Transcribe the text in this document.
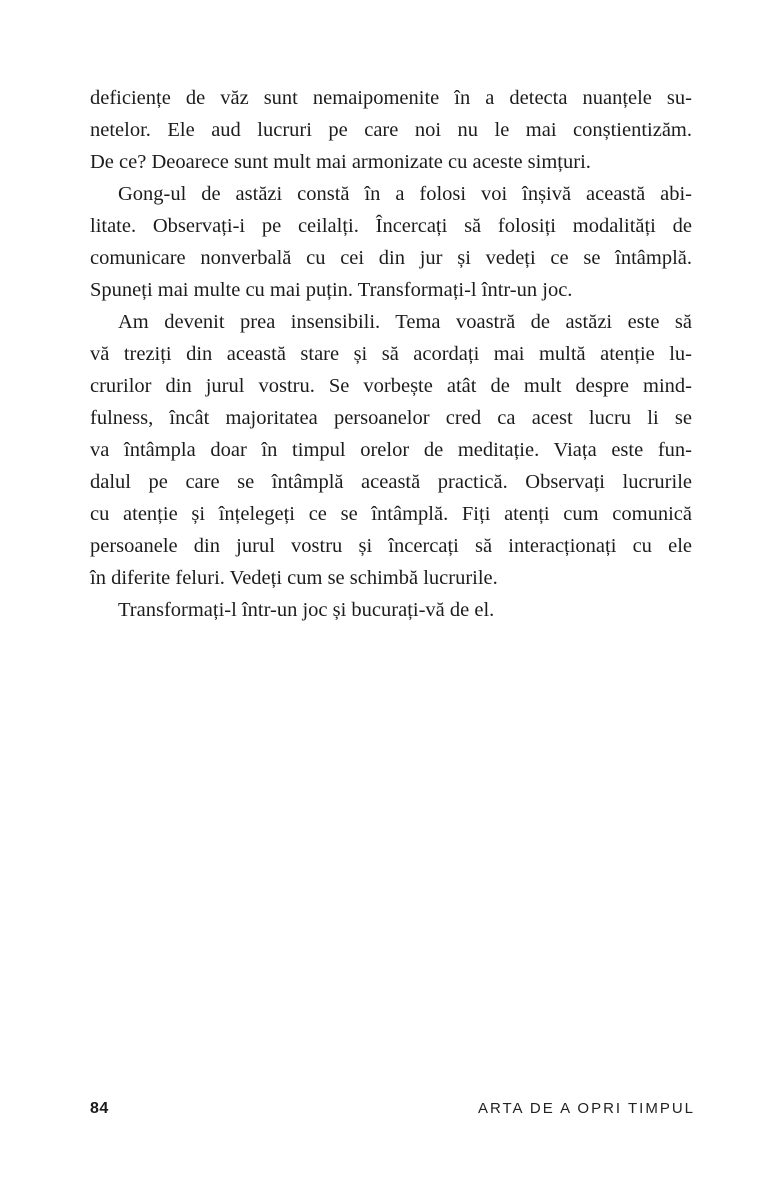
deficiențe de văz sunt nemaipomenite în a detecta nuanțele su-
netelor. Ele aud lucruri pe care noi nu le mai conștientizăm.
De ce? Deoarece sunt mult mai armonizate cu aceste simțuri.
Gong-ul de astăzi constă în a folosi voi înșivă această abi-
litate. Observați-i pe ceilalți. Încercați să folosiți modalități de
comunicare nonverbală cu cei din jur și vedeți ce se întâmplă.
Spuneți mai multe cu mai puțin. Transformați-l într-un joc.
Am devenit prea insensibili. Tema voastră de astăzi este să
vă treziți din această stare și să acordați mai multă atenție lu-
crurilor din jurul vostru. Se vorbește atât de mult despre mind-
fulness, încât majoritatea persoanelor cred ca acest lucru li se
va întâmpla doar în timpul orelor de meditație. Viața este fun-
dalul pe care se întâmplă această practică. Observați lucrurile
cu atenție și înțelegeți ce se întâmplă. Fiți atenți cum comunică
persoanele din jurul vostru și încercați să interacționați cu ele
în diferite feluri. Vedeți cum se schimbă lucrurile.
Transformați-l într-un joc și bucurați-vă de el.
84	ARTA DE A OPRI TIMPUL
